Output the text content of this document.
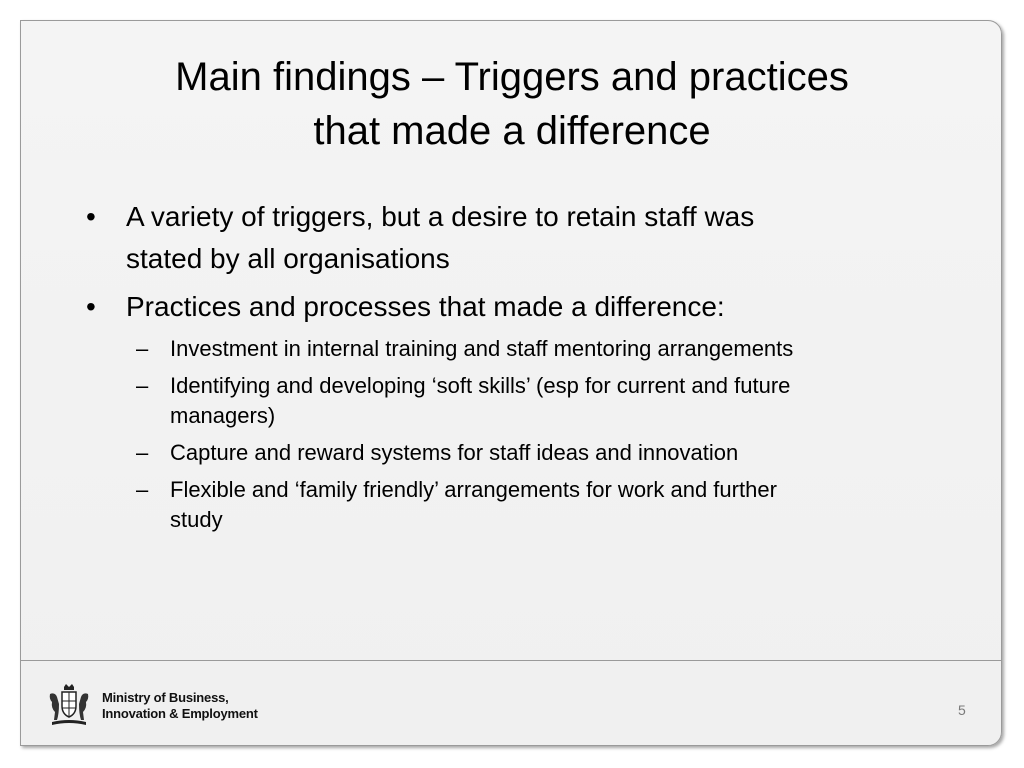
Main findings – Triggers and practices
that made a difference
• A variety of triggers, but a desire to retain staff was
stated by all organisations
• Practices and processes that made a difference:
– Investment in internal training and staff mentoring arrangements
– Identifying and developing ‘soft skills’ (esp for current and future
managers)
– Capture and reward systems for staff ideas and innovation
– Flexible and ‘family friendly’ arrangements for work and further
study
Ministry of Business,
Innovation & Employment	5
